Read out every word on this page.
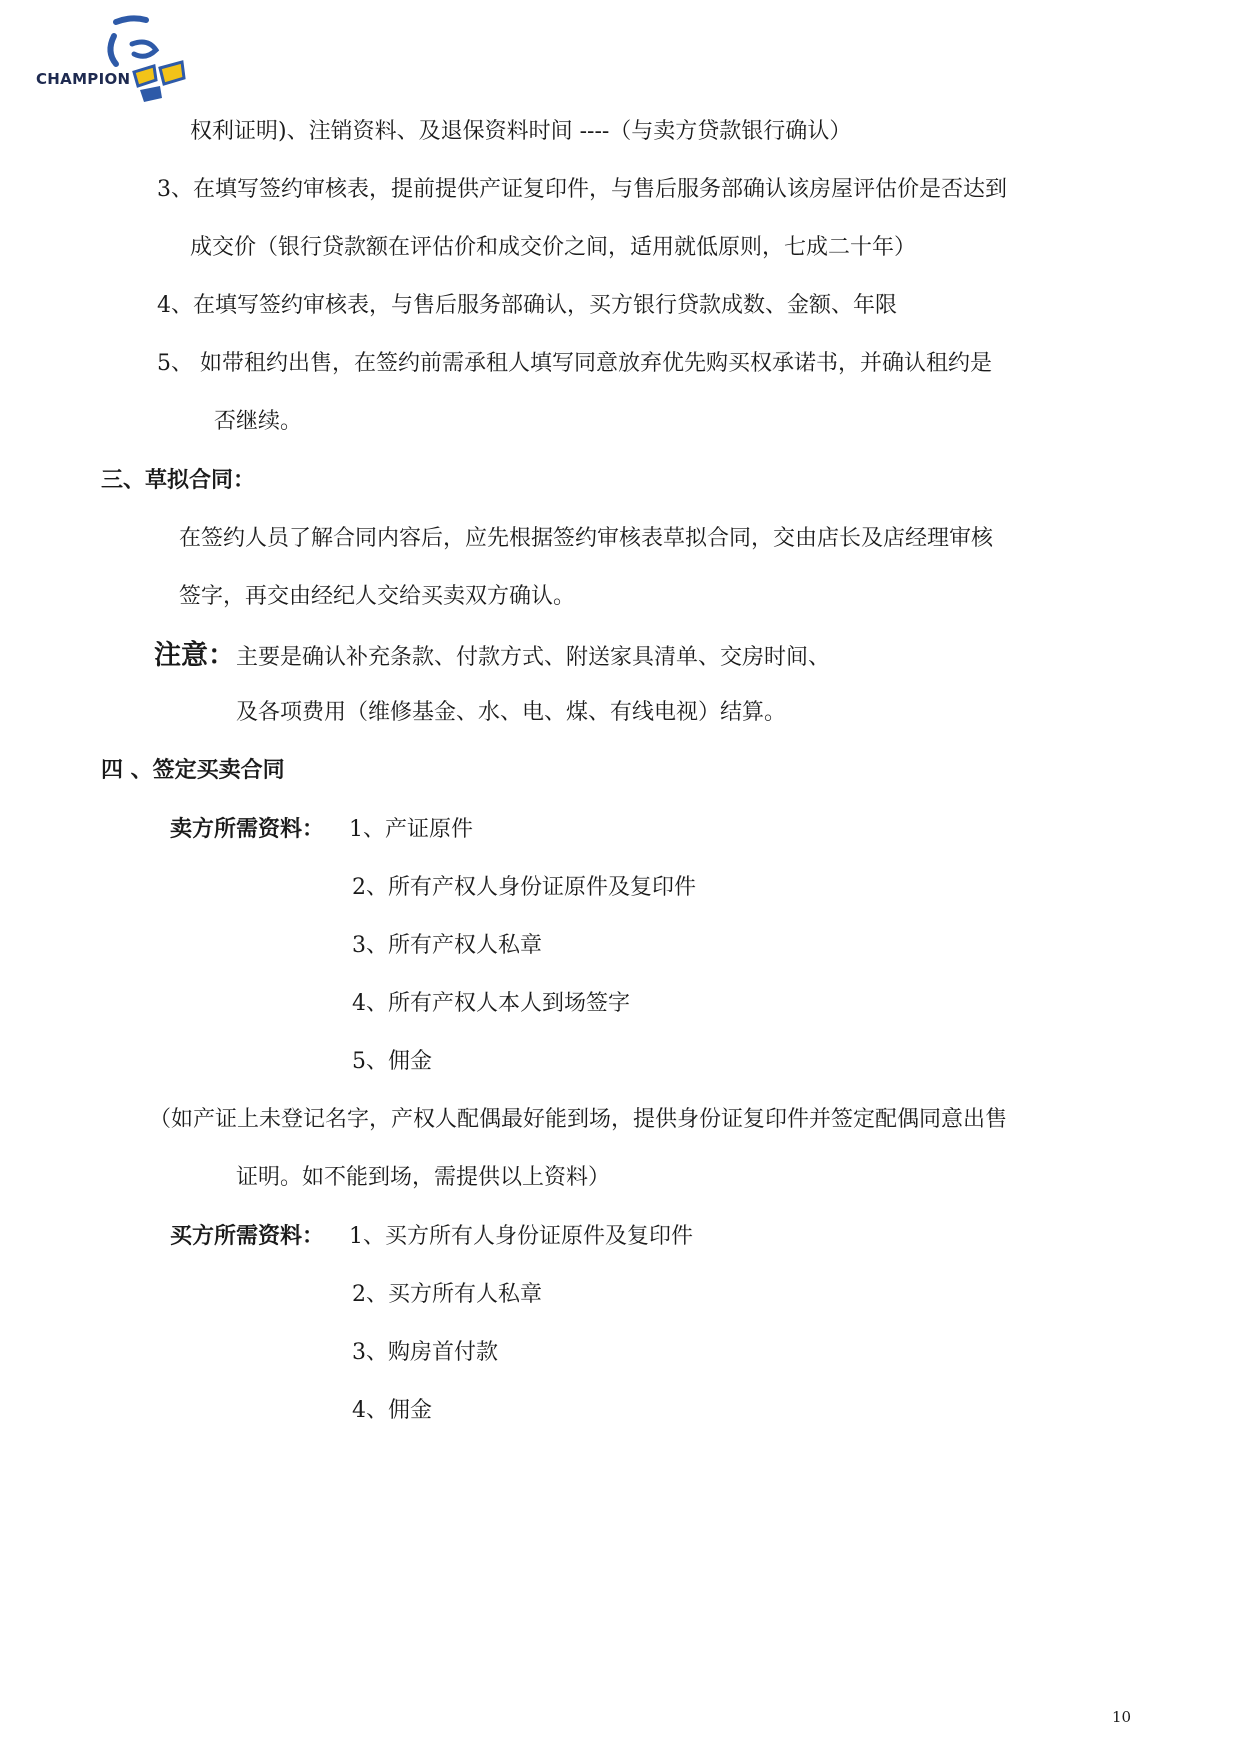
CHAMPION
权利证明)、注销资料、及退保资料时间 ----（与卖方贷款银行确认）
3、在填写签约审核表，提前提供产证复印件，与售后服务部确认该房屋评估价是否达到
成交价（银行贷款额在评估价和成交价之间，适用就低原则，七成二十年）
4、在填写签约审核表，与售后服务部确认，买方银行贷款成数、金额、年限
5、 如带租约出售，在签约前需承租人填写同意放弃优先购买权承诺书，并确认租约是
否继续。
三、草拟合同：
在签约人员了解合同内容后，应先根据签约审核表草拟合同，交由店长及店经理审核
签字，再交由经纪人交给买卖双方确认。
注意： 主要是确认补充条款、付款方式、附送家具清单、交房时间、
及各项费用（维修基金、水、电、煤、有线电视）结算。
四 、签定买卖合同
卖方所需资料： 1、产证原件
2、所有产权人身份证原件及复印件
3、所有产权人私章
4、所有产权人本人到场签字
5、佣金
（如产证上未登记名字，产权人配偶最好能到场，提供身份证复印件并签定配偶同意出售
证明。如不能到场，需提供以上资料）
买方所需资料： 1、买方所有人身份证原件及复印件
2、买方所有人私章
3、购房首付款
4、佣金
10
